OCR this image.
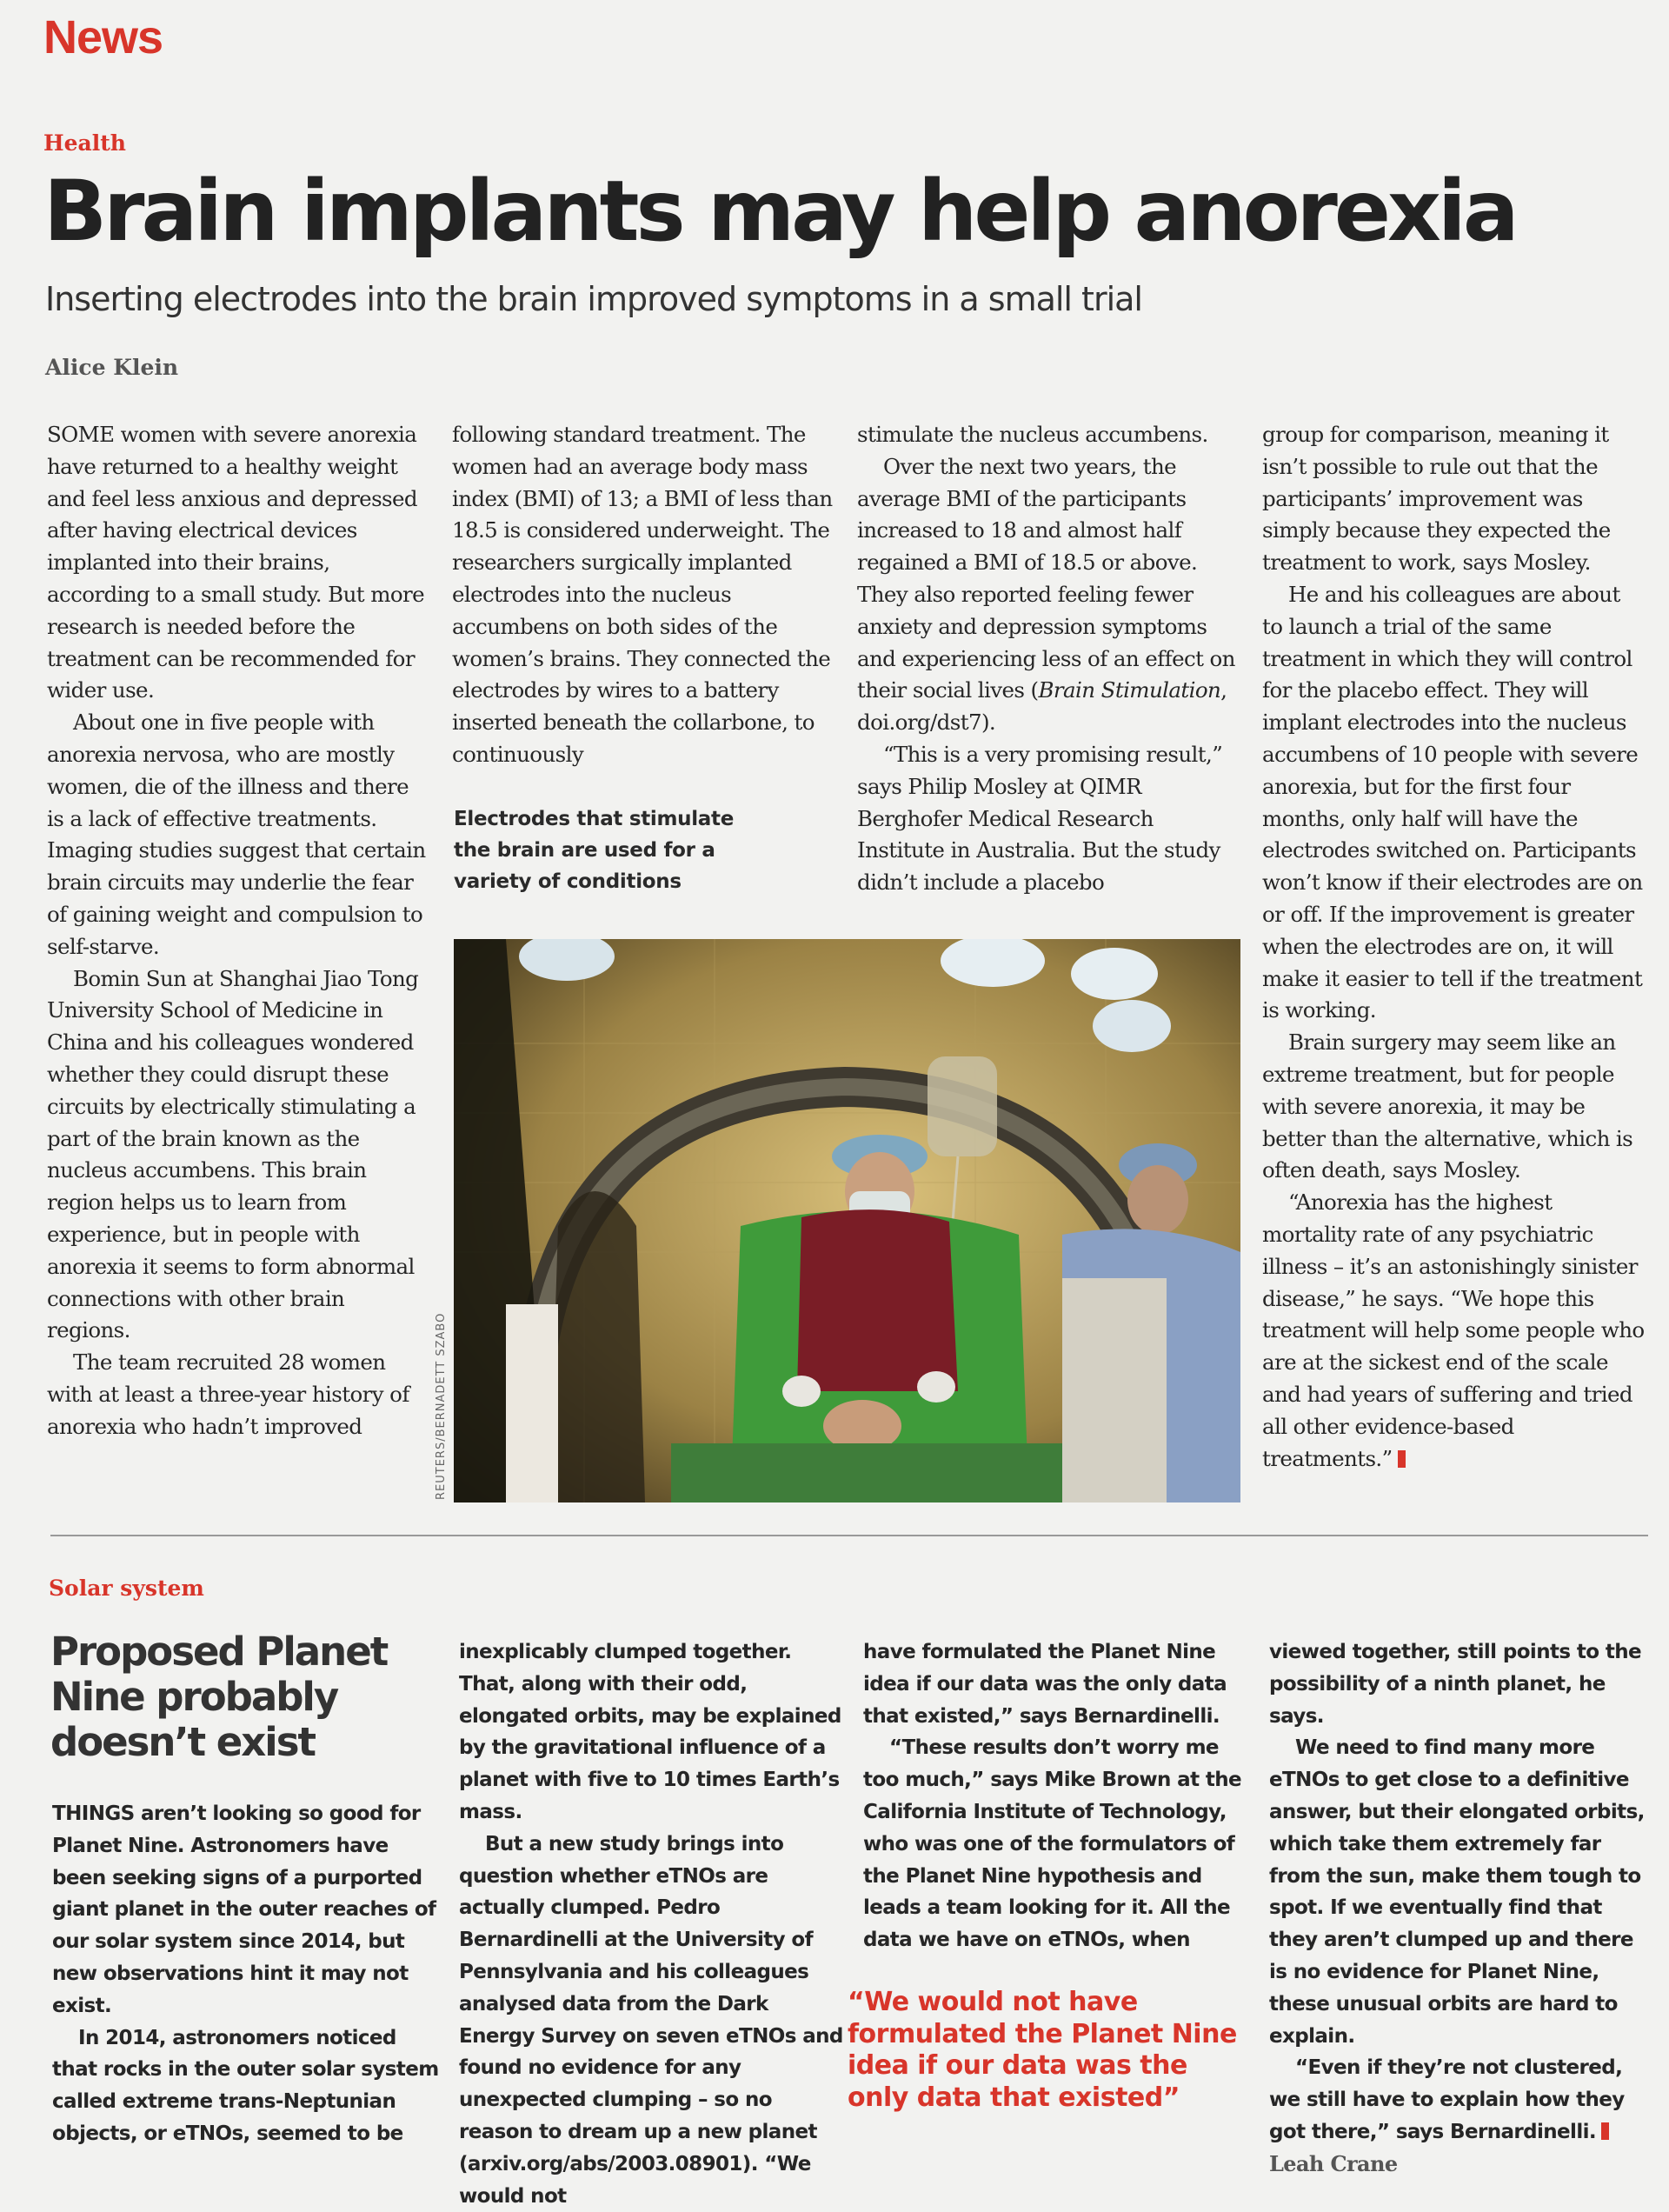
News
Health
Brain implants may help anorexia
Inserting electrodes into the brain improved symptoms in a small trial
Alice Klein

SOME women with severe anorexia have returned to a healthy weight and feel less anxious and depressed after having electrical devices implanted into their brains, according to a small study. But more research is needed before the treatment can be recommended for wider use.

About one in five people with anorexia nervosa, who are mostly women, die of the illness and there is a lack of effective treatments. Imaging studies suggest that certain brain circuits may underlie the fear of gaining weight and compulsion to self-starve.

Bomin Sun at Shanghai Jiao Tong University School of Medicine in China and his colleagues wondered whether they could disrupt these circuits by electrically stimulating a part of the brain known as the nucleus accumbens. This brain region helps us to learn from experience, but in people with anorexia it seems to form abnormal connections with other brain regions.

The team recruited 28 women with at least a three-year history of anorexia who hadn’t improved

following standard treatment. The women had an average body mass index (BMI) of 13; a BMI of less than 18.5 is considered underweight. The researchers surgically implanted electrodes into the nucleus accumbens on both sides of the women’s brains. They connected the electrodes by wires to a battery inserted beneath the collarbone, to continuously

Electrodes that stimulate the brain are used for a variety of conditions

stimulate the nucleus accumbens.

Over the next two years, the average BMI of the participants increased to 18 and almost half regained a BMI of 18.5 or above. They also reported feeling fewer anxiety and depression symptoms and experiencing less of an effect on their social lives (Brain Stimulation, doi.org/dst7).

“This is a very promising result,” says Philip Mosley at QIMR Berghofer Medical Research Institute in Australia. But the study didn’t include a placebo

REUTERS/BERNADETT SZABO

group for comparison, meaning it isn’t possible to rule out that the participants’ improvement was simply because they expected the treatment to work, says Mosley.

He and his colleagues are about to launch a trial of the same treatment in which they will control for the placebo effect. They will implant electrodes into the nucleus accumbens of 10 people with severe anorexia, but for the first four months, only half will have the electrodes switched on. Participants won’t know if their electrodes are on or off. If the improvement is greater when the electrodes are on, it will make it easier to tell if the treatment is working.

Brain surgery may seem like an extreme treatment, but for people with severe anorexia, it may be better than the alternative, which is often death, says Mosley.

“Anorexia has the highest mortality rate of any psychiatric illness – it’s an astonishingly sinister disease,” he says. “We hope this treatment will help some people who are at the sickest end of the scale and had years of suffering and tried all other evidence-based treatments.”

Solar system
Proposed Planet Nine probably doesn’t exist

THINGS aren’t looking so good for Planet Nine. Astronomers have been seeking signs of a purported giant planet in the outer reaches of our solar system since 2014, but new observations hint it may not exist.

In 2014, astronomers noticed that rocks in the outer solar system called extreme trans-Neptunian objects, or eTNOs, seemed to be

inexplicably clumped together. That, along with their odd, elongated orbits, may be explained by the gravitational influence of a planet with five to 10 times Earth’s mass.

But a new study brings into question whether eTNOs are actually clumped. Pedro Bernardinelli at the University of Pennsylvania and his colleagues analysed data from the Dark Energy Survey on seven eTNOs and found no evidence for any unexpected clumping – so no reason to dream up a new planet (arxiv.org/abs/2003.08901). “We would not

have formulated the Planet Nine idea if our data was the only data that existed,” says Bernardinelli.

“These results don’t worry me too much,” says Mike Brown at the California Institute of Technology, who was one of the formulators of the Planet Nine hypothesis and leads a team looking for it. All the data we have on eTNOs, when

“We would not have formulated the Planet Nine idea if our data was the only data that existed”

viewed together, still points to the possibility of a ninth planet, he says.

We need to find many more eTNOs to get close to a definitive answer, but their elongated orbits, which take them extremely far from the sun, make them tough to spot. If we eventually find that they aren’t clumped up and there is no evidence for Planet Nine, these unusual orbits are hard to explain.

“Even if they’re not clustered, we still have to explain how they got there,” says Bernardinelli.

Leah Crane
